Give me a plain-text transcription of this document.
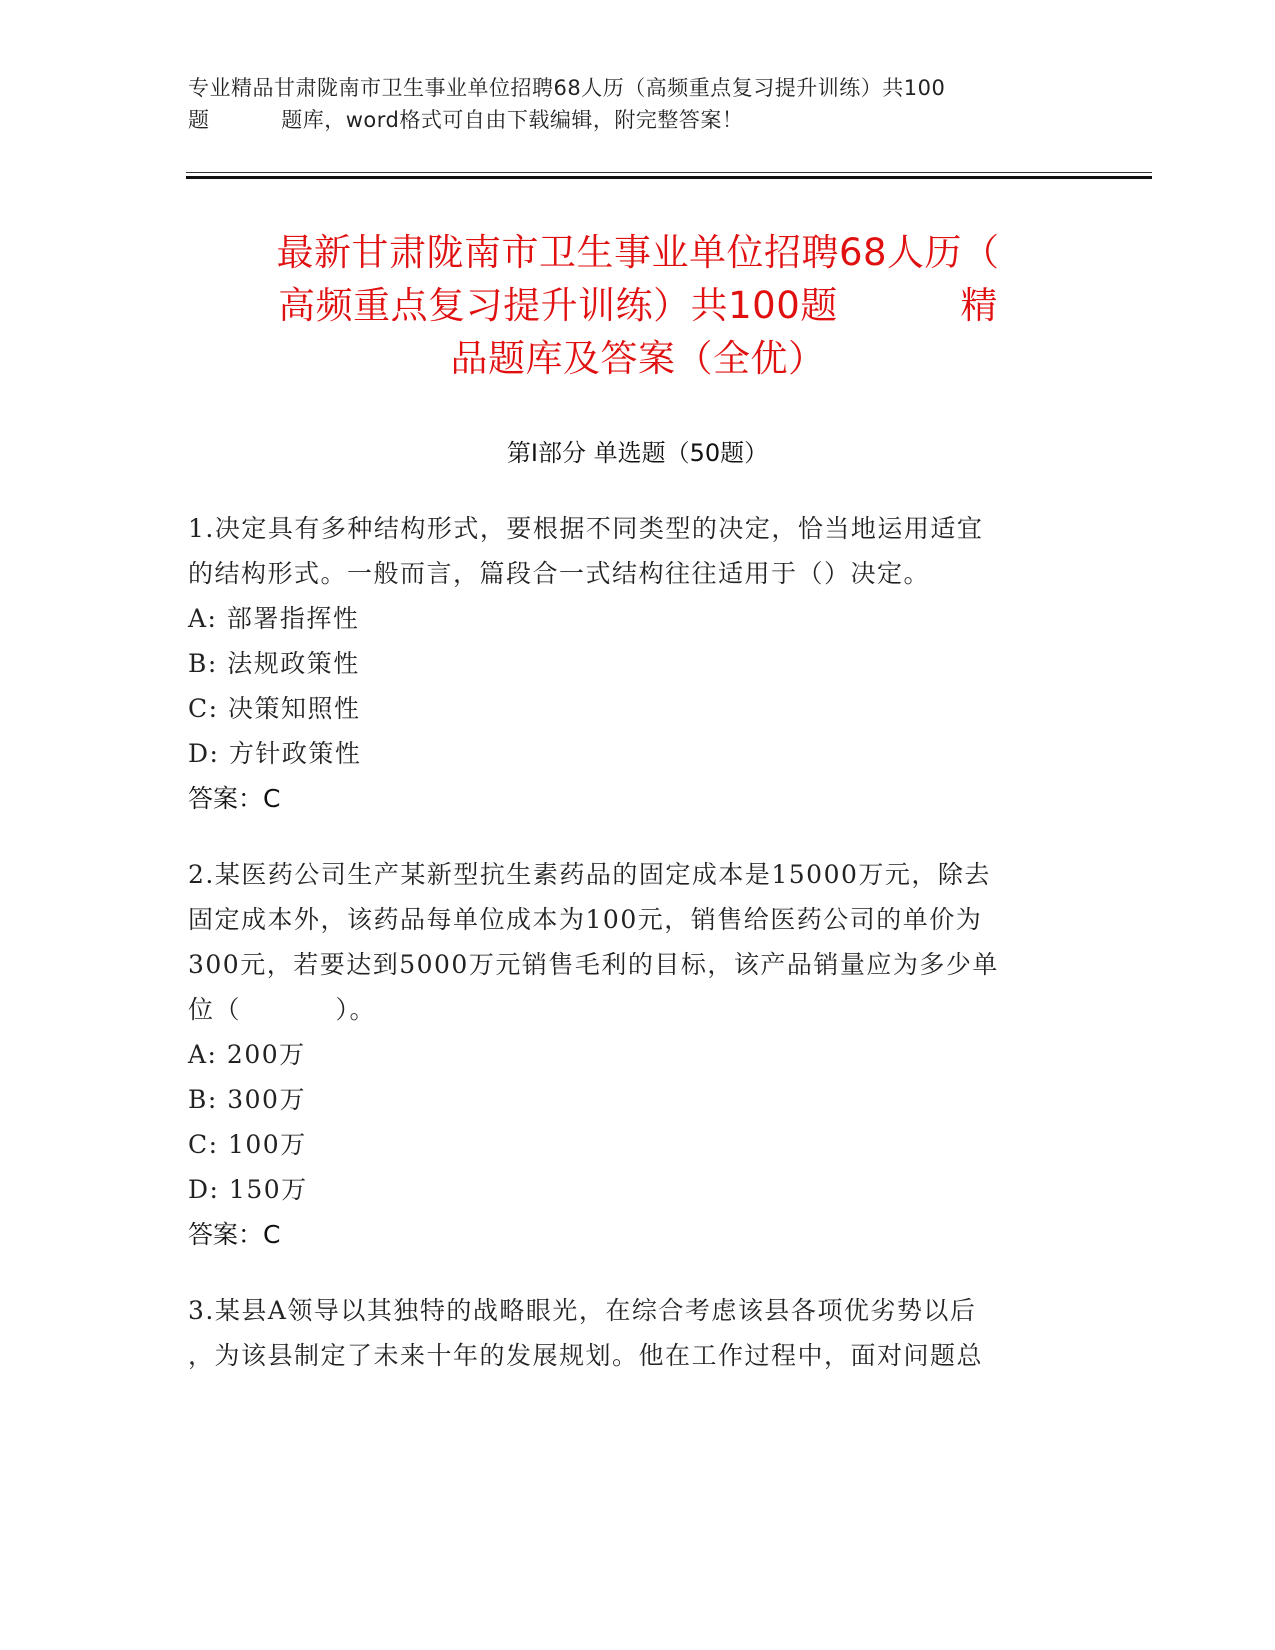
专业精品甘肃陇南市卫生事业单位招聘68人历（高频重点复习提升训练）共100
题          题库，word格式可自由下载编辑，附完整答案！
最新甘肃陇南市卫生事业单位招聘68人历（
高频重点复习提升训练）共100题          精
品题库及答案（全优）
第Ⅰ部分 单选题（50题）
1.决定具有多种结构形式，要根据不同类型的决定，恰当地运用适宜
的结构形式。一般而言，篇段合一式结构往往适用于（）决定。
A: 部署指挥性
B: 法规政策性
C: 决策知照性
D: 方针政策性
答案：C
2.某医药公司生产某新型抗生素药品的固定成本是15000万元，除去
固定成本外，该药品每单位成本为100元，销售给医药公司的单价为
300元，若要达到5000万元销售毛利的目标，该产品销量应为多少单
位（          ）。
A: 200万
B: 300万
C: 100万
D: 150万
答案：C
3.某县A领导以其独特的战略眼光，在综合考虑该县各项优劣势以后
，为该县制定了未来十年的发展规划。他在工作过程中，面对问题总
